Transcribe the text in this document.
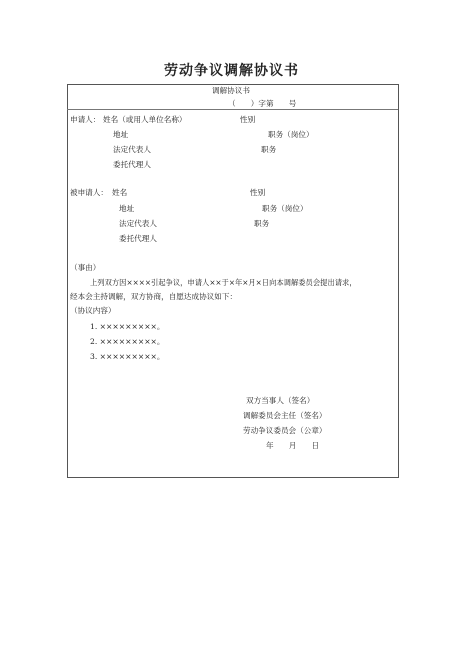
劳动争议调解协议书
调解协议书
（　　）字第　　号
申请人： 姓名（或用人单位名称）	性别
地址	职务（岗位）
法定代表人	职务
委托代理人
被申请人： 姓名	性别
地址	职务（岗位）
法定代表人	职务
委托代理人
（事由）
上列双方因××××引起争议，申请人××于×年×月×日向本调解委员会提出请求，
经本会主持调解，双方协商，自愿达成协议如下：
（协议内容）
1. ×××××××××。
2. ×××××××××。
3. ×××××××××。
双方当事人（签名）
调解委员会主任（签名）
劳动争议委员会（公章）
年　　月　　日
